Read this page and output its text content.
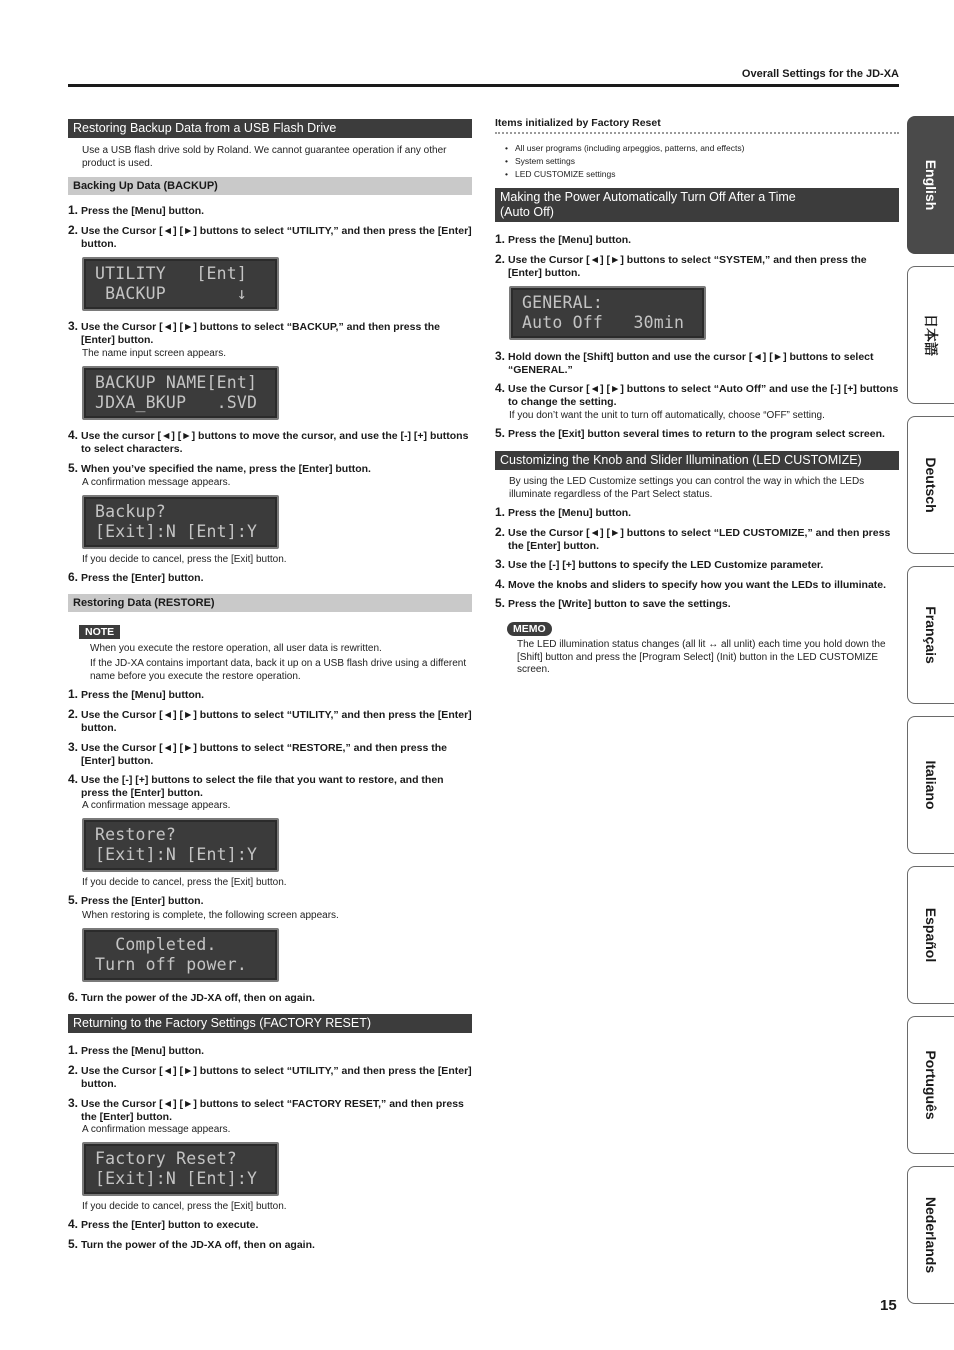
Overall Settings for the JD-XA
Restoring Backup Data from a USB Flash Drive
Use a USB flash drive sold by Roland. We cannot guarantee operation if any other product is used.
Backing Up Data (BACKUP)
1. Press the [Menu] button.
2. Use the Cursor [◄] [►] buttons to select “UTILITY,” and then press the [Enter] button.
UTILITY   [Ent]
BACKUP       ↓
3. Use the Cursor [◄] [►] buttons to select “BACKUP,” and then press the [Enter] button.
The name input screen appears.
BACKUP NAME[Ent]
JDXA_BKUP   .SVD
4. Use the cursor [◄] [►] buttons to move the cursor, and use the [-] [+] buttons to select characters.
5. When you’ve specified the name, press the [Enter] button.
A confirmation message appears.
Backup?
[Exit]:N [Ent]:Y
If you decide to cancel, press the [Exit] button.
6. Press the [Enter] button.
Restoring Data (RESTORE)
NOTE
When you execute the restore operation, all user data is rewritten.
If the JD-XA contains important data, back it up on a USB flash drive using a different name before you execute the restore operation.
1. Press the [Menu] button.
2. Use the Cursor [◄] [►] buttons to select “UTILITY,” and then press the [Enter] button.
3. Use the Cursor [◄] [►] buttons to select “RESTORE,” and then press the [Enter] button.
4. Use the [-] [+] buttons to select the file that you want to restore, and then press the [Enter] button.
A confirmation message appears.
Restore?
[Exit]:N [Ent]:Y
If you decide to cancel, press the [Exit] button.
5. Press the [Enter] button.
When restoring is complete, the following screen appears.
Completed.
Turn off power.
6. Turn the power of the JD-XA off, then on again.
Returning to the Factory Settings (FACTORY RESET)
1. Press the [Menu] button.
2. Use the Cursor [◄] [►] buttons to select “UTILITY,” and then press the [Enter] button.
3. Use the Cursor [◄] [►] buttons to select “FACTORY RESET,” and then press the [Enter] button.
A confirmation message appears.
Factory Reset?
[Exit]:N [Ent]:Y
If you decide to cancel, press the [Exit] button.
4. Press the [Enter] button to execute.
5. Turn the power of the JD-XA off, then on again.
Items initialized by Factory Reset
• All user programs (including arpeggios, patterns, and effects)
• System settings
• LED CUSTOMIZE settings
Making the Power Automatically Turn Off After a Time
(Auto Off)
1. Press the [Menu] button.
2. Use the Cursor [◄] [►] buttons to select “SYSTEM,” and then press the [Enter] button.
GENERAL:
Auto Off   30min
3. Hold down the [Shift] button and use the cursor [◄] [►] buttons to select “GENERAL.”
4. Use the Cursor [◄] [►] buttons to select “Auto Off” and use the [-] [+] buttons to change the setting.
If you don’t want the unit to turn off automatically, choose “OFF” setting.
5. Press the [Exit] button several times to return to the program select screen.
Customizing the Knob and Slider Illumination (LED CUSTOMIZE)
By using the LED Customize settings you can control the way in which the LEDs illuminate regardless of the Part Select status.
1. Press the [Menu] button.
2. Use the Cursor [◄] [►] buttons to select “LED CUSTOMIZE,” and then press the [Enter] button.
3. Use the [-] [+] buttons to specify the LED Customize parameter.
4. Move the knobs and sliders to specify how you want the LEDs to illuminate.
5. Press the [Write] button to save the settings.
MEMO
The LED illumination status changes (all lit ↔ all unlit) each time you hold down the [Shift] button and press the [Program Select] (Init) button in the LED CUSTOMIZE screen.
English
日本語
Deutsch
Français
Italiano
Español
Português
Nederlands
15
